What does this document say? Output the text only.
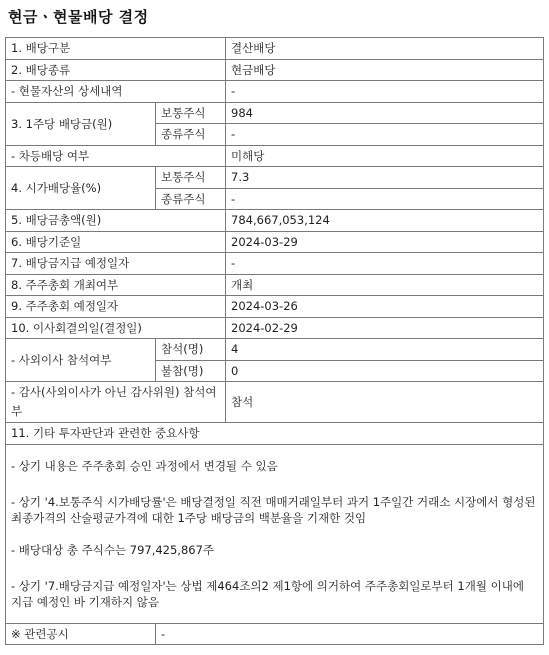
현금ㆍ현물배당 결정
1. 배당구분		결산배당
2. 배당종류		현금배당
- 현물자산의 상세내역		-
3. 1주당 배당금(원)	보통주식	984
	종류주식	-
- 차등배당 여부		미해당
4. 시가배당율(%)	보통주식	7.3
	종류주식	-
5. 배당금총액(원)		784,667,053,124
6. 배당기준일		2024-03-29
7. 배당금지급 예정일자		-
8. 주주총회 개최여부		개최
9. 주주총회 예정일자		2024-03-26
10. 이사회결의일(결정일)		2024-02-29
- 사외이사 참석여부	참석(명)	4
	불참(명)	0
- 감사(사외이사가 아닌 감사위원) 참석여부		참석
11. 기타 투자판단과 관련한 중요사항		

- 상기 내용은 주주총회 승인 과정에서 변경될 수 있음

- 상기 '4.보통주식 시가배당률'은 배당결정일 직전 매매거래일부터 과거 1주일간 거래소 시장에서 형성된 최종가격의 산술평균가격에 대한 1주당 배당금의 백분율을 기재한 것임

- 배당대상 총 주식수는 797,425,867주

- 상기 '7.배당금지급 예정일자'는 상법 제464조의2 제1항에 의거하여 주주총회일로부터 1개월 이내에 지급 예정인 바 기재하지 않음		

※ 관련공시	-	
